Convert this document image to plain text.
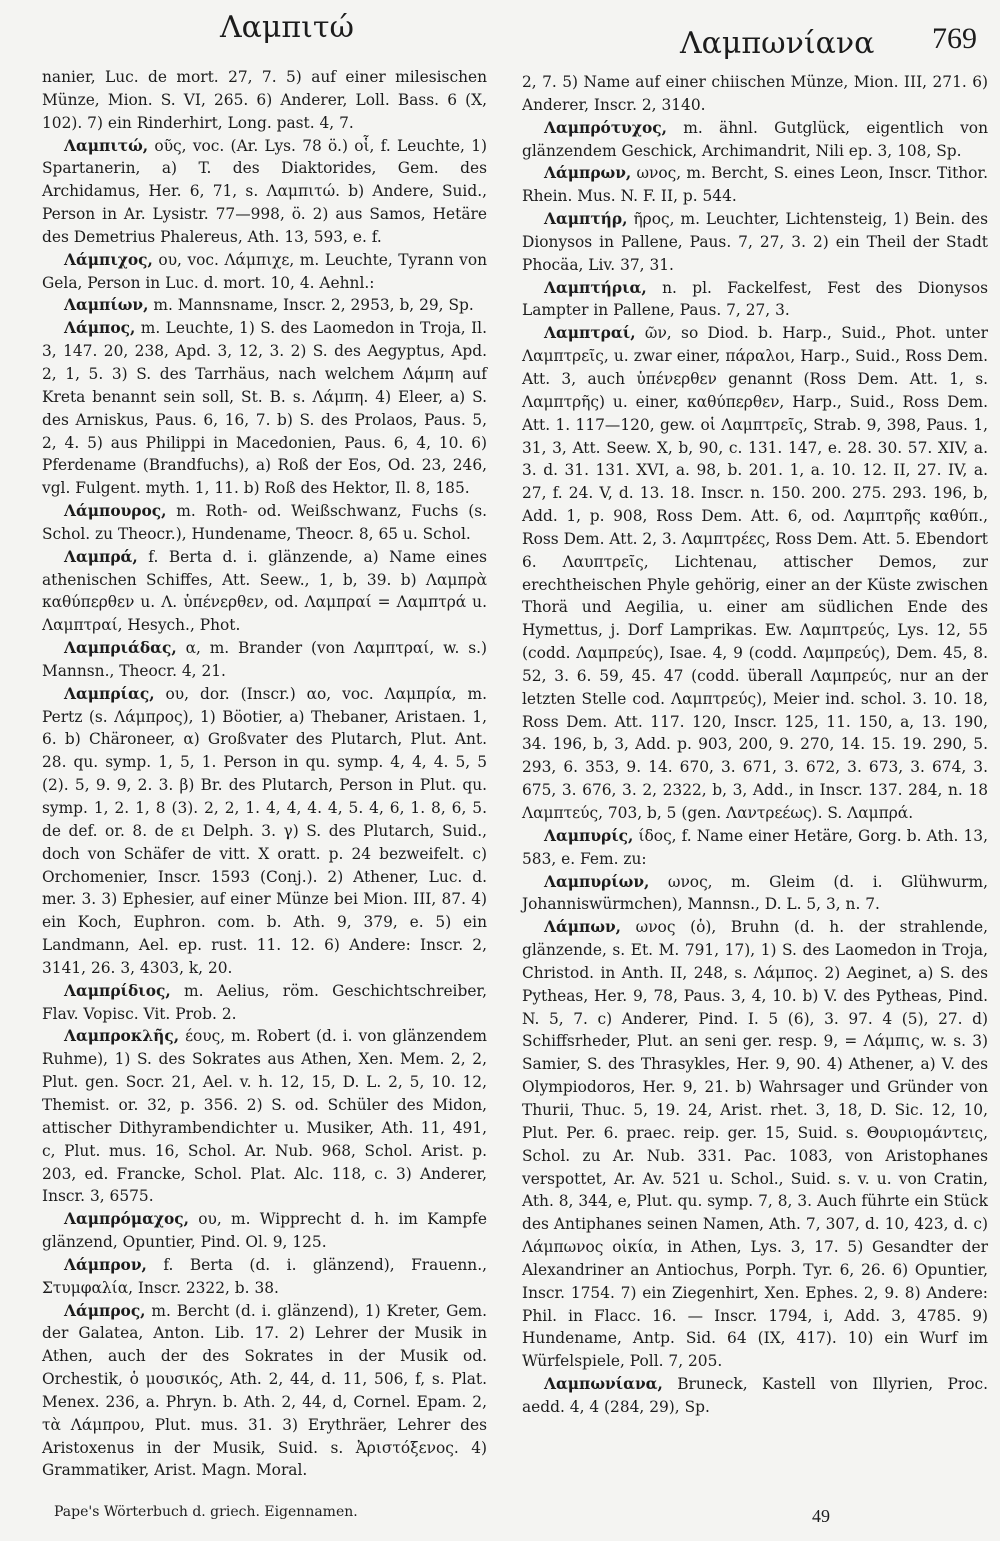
Λαμπιτώ	Λαμπωνίανα 769

nanier, Luc. de mort. 27, 7. 5) auf einer milesischen Münze, Mion. S. VI, 265. 6) Anderer, Loll. Bass. 6 (X, 102). 7) ein Rinderhirt, Long. past. 4, 7.

Λαμπιτώ, οῦς, voc. (Ar. Lys. 78 ö.) οἷ, f. Leuchte, 1) Spartanerin, a) T. des Diaktorides, Gem. des Archidamus, Her. 6, 71, s. Λαμπιτώ. b) Andere, Suid., Person in Ar. Lysistr. 77—998, ö. 2) aus Samos, Hetäre des Demetrius Phalereus, Ath. 13, 593, e. f.

Λάμπιχος, ου, voc. Λάμπιχε, m. Leuchte, Tyrann von Gela, Person in Luc. d. mort. 10, 4. Aehnl.:

Λαμπίων, m. Mannsname, Inscr. 2, 2953, b, 29, Sp.

Λάμπος, m. Leuchte, 1) S. des Laomedon in Troja, Il. 3, 147. 20, 238, Apd. 3, 12, 3. 2) S. des Aegyptus, Apd. 2, 1, 5. 3) S. des Tarrhäus, nach welchem Λάμπη auf Kreta benannt sein soll, St. B. s. Λάμπη. 4) Eleer, a) S. des Arniskus, Paus. 6, 16, 7. b) S. des Prolaos, Paus. 5, 2, 4. 5) aus Philippi in Macedonien, Paus. 6, 4, 10. 6) Pferdename (Brandfuchs), a) Roß der Eos, Od. 23, 246, vgl. Fulgent. myth. 1, 11. b) Roß des Hektor, Il. 8, 185.

Λάμπουρος, m. Roth- od. Weißschwanz, Fuchs (s. Schol. zu Theocr.), Hundename, Theocr. 8, 65 u. Schol.

Λαμπρά, f. Berta d. i. glänzende, a) Name eines athenischen Schiffes, Att. Seew., 1, b, 39. b) Λαμπρὰ καθύπερθεν u. Λ. ὑπένερθεν, od. Λαμπραί = Λαμπτρά u. Λαμπτραί, Hesych., Phot.

Λαμπριάδας, α, m. Brander (von Λαμπτραί, w. s.) Mannsn., Theocr. 4, 21.

Λαμπρίας, ου, dor. (Inscr.) αο, voc. Λαμπρία, m. Pertz (s. Λάμπρος), 1) Böotier, a) Thebaner, Aristaen. 1, 6. b) Chäroneer, α) Großvater des Plutarch, Plut. Ant. 28. qu. symp. 1, 5, 1. Person in qu. symp. 4, 4, 4. 5, 5 (2). 5, 9. 9, 2. 3. β) Br. des Plutarch, Person in Plut. qu. symp. 1, 2. 1, 8 (3). 2, 2, 1. 4, 4, 4. 4, 5. 4, 6, 1. 8, 6, 5. de def. or. 8. de ει Delph. 3. γ) S. des Plutarch, Suid., doch von Schäfer de vitt. X oratt. p. 24 bezweifelt. c) Orchomenier, Inscr. 1593 (Conj.). 2) Athener, Luc. d. mer. 3. 3) Ephesier, auf einer Münze bei Mion. III, 87. 4) ein Koch, Euphron. com. b. Ath. 9, 379, e. 5) ein Landmann, Ael. ep. rust. 11. 12. 6) Andere: Inscr. 2, 3141, 26. 3, 4303, k, 20.

Λαμπρίδιος, m. Aelius, röm. Geschichtschreiber, Flav. Vopisc. Vit. Prob. 2.

Λαμπροκλῆς, έους, m. Robert (d. i. von glänzendem Ruhme), 1) S. des Sokrates aus Athen, Xen. Mem. 2, 2, Plut. gen. Socr. 21, Ael. v. h. 12, 15, D. L. 2, 5, 10. 12, Themist. or. 32, p. 356. 2) S. od. Schüler des Midon, attischer Dithyrambendichter u. Musiker, Ath. 11, 491, c, Plut. mus. 16, Schol. Ar. Nub. 968, Schol. Arist. p. 203, ed. Francke, Schol. Plat. Alc. 118, c. 3) Anderer, Inscr. 3, 6575.

Λαμπρόμαχος, ου, m. Wipprecht d. h. im Kampfe glänzend, Opuntier, Pind. Ol. 9, 125.

Λάμπρον, f. Berta (d. i. glänzend), Frauenn., Στυμφαλία, Inscr. 2322, b. 38.

Λάμπρος, m. Bercht (d. i. glänzend), 1) Kreter, Gem. der Galatea, Anton. Lib. 17. 2) Lehrer der Musik in Athen, auch der des Sokrates in der Musik od. Orchestik, ὁ μουσικός, Ath. 2, 44, d. 11, 506, f, s. Plat. Menex. 236, a. Phryn. b. Ath. 2, 44, d, Cornel. Epam. 2, τὰ Λάμπρου, Plut. mus. 31. 3) Erythräer, Lehrer des Aristoxenus in der Musik, Suid. s. Ἀριστόξενος. 4) Grammatiker, Arist. Magn. Moral.

2, 7. 5) Name auf einer chiischen Münze, Mion. III, 271. 6) Anderer, Inscr. 2, 3140.

Λαμπρότυχος, m. ähnl. Gutglück, eigentlich von glänzendem Geschick, Archimandrit, Nili ep. 3, 108, Sp.

Λάμπρων, ωνος, m. Bercht, S. eines Leon, Inscr. Tithor. Rhein. Mus. N. F. II, p. 544.

Λαμπτήρ, ῆρος, m. Leuchter, Lichtensteig, 1) Bein. des Dionysos in Pallene, Paus. 7, 27, 3. 2) ein Theil der Stadt Phocäa, Liv. 37, 31.

Λαμπτήρια, n. pl. Fackelfest, Fest des Dionysos Lampter in Pallene, Paus. 7, 27, 3.

Λαμπτραί, ῶν, so Diod. b. Harp., Suid., Phot. unter Λαμπτρεῖς, u. zwar einer, πάραλοι, Harp., Suid., Ross Dem. Att. 3, auch ὑπένερθεν genannt (Ross Dem. Att. 1, s. Λαμπτρῆς) u. einer, καθύπερθεν, Harp., Suid., Ross Dem. Att. 1. 117—120, gew. οἱ Λαμπτρεῖς, Strab. 9, 398, Paus. 1, 31, 3, Att. Seew. X, b, 90, c. 131. 147, e. 28. 30. 57. XIV, a. 3. d. 31. 131. XVI, a. 98, b. 201. 1, a. 10. 12. II, 27. IV, a. 27, f. 24. V, d. 13. 18. Inscr. n. 150. 200. 275. 293. 196, b, Add. 1, p. 908, Ross Dem. Att. 6, od. Λαμπτρῆς καθύπ., Ross Dem. Att. 2, 3. Λαμπτρέες, Ross Dem. Att. 5. Ebendort 6. Λαυπτρεῖς, Lichtenau, attischer Demos, zur erechtheischen Phyle gehörig, einer an der Küste zwischen Thorä und Aegilia, u. einer am südlichen Ende des Hymettus, j. Dorf Lamprikas. Ew. Λαμπτρεύς, Lys. 12, 55 (codd. Λαμπρεύς), Isae. 4, 9 (codd. Λαμπρεύς), Dem. 45, 8. 52, 3. 6. 59, 45. 47 (codd. überall Λαμπρεύς, nur an der letzten Stelle cod. Λαμπτρεύς), Meier ind. schol. 3. 10. 18, Ross Dem. Att. 117. 120, Inscr. 125, 11. 150, a, 13. 190, 34. 196, b, 3, Add. p. 903, 200, 9. 270, 14. 15. 19. 290, 5. 293, 6. 353, 9. 14. 670, 3. 671, 3. 672, 3. 673, 3. 674, 3. 675, 3. 676, 3. 2, 2322, b, 3, Add., in Inscr. 137. 284, n. 18 Λαμπτεύς, 703, b, 5 (gen. Λαντρεέως). S. Λαμπρά.

Λαμπυρίς, ίδος, f. Name einer Hetäre, Gorg. b. Ath. 13, 583, e. Fem. zu:

Λαμπυρίων, ωνος, m. Gleim (d. i. Glühwurm, Johanniswürmchen), Mannsn., D. L. 5, 3, n. 7.

Λάμπων, ωνος (ὁ), Bruhn (d. h. der strahlende, glänzende, s. Et. M. 791, 17), 1) S. des Laomedon in Troja, Christod. in Anth. II, 248, s. Λάμπος. 2) Aeginet, a) S. des Pytheas, Her. 9, 78, Paus. 3, 4, 10. b) V. des Pytheas, Pind. N. 5, 7. c) Anderer, Pind. I. 5 (6), 3. 97. 4 (5), 27. d) Schiffsrheder, Plut. an seni ger. resp. 9, = Λάμπις, w. s. 3) Samier, S. des Thrasykles, Her. 9, 90. 4) Athener, a) V. des Olympiodoros, Her. 9, 21. b) Wahrsager und Gründer von Thurii, Thuc. 5, 19. 24, Arist. rhet. 3, 18, D. Sic. 12, 10, Plut. Per. 6. praec. reip. ger. 15, Suid. s. Θουριομάντεις, Schol. zu Ar. Nub. 331. Pac. 1083, von Aristophanes verspottet, Ar. Av. 521 u. Schol., Suid. s. v. u. von Cratin, Ath. 8, 344, e, Plut. qu. symp. 7, 8, 3. Auch führte ein Stück des Antiphanes seinen Namen, Ath. 7, 307, d. 10, 423, d. c) Λάμπωνος οἰκία, in Athen, Lys. 3, 17. 5) Gesandter der Alexandriner an Antiochus, Porph. Tyr. 6, 26. 6) Opuntier, Inscr. 1754. 7) ein Ziegenhirt, Xen. Ephes. 2, 9. 8) Andere: Phil. in Flacc. 16. — Inscr. 1794, i, Add. 3, 4785. 9) Hundename, Antp. Sid. 64 (IX, 417). 10) ein Wurf im Würfelspiele, Poll. 7, 205.

Λαμπωνίανα, Bruneck, Kastell von Illyrien, Proc. aedd. 4, 4 (284, 29), Sp.

Pape's Wörterbuch d. griech. Eigennamen.	49
